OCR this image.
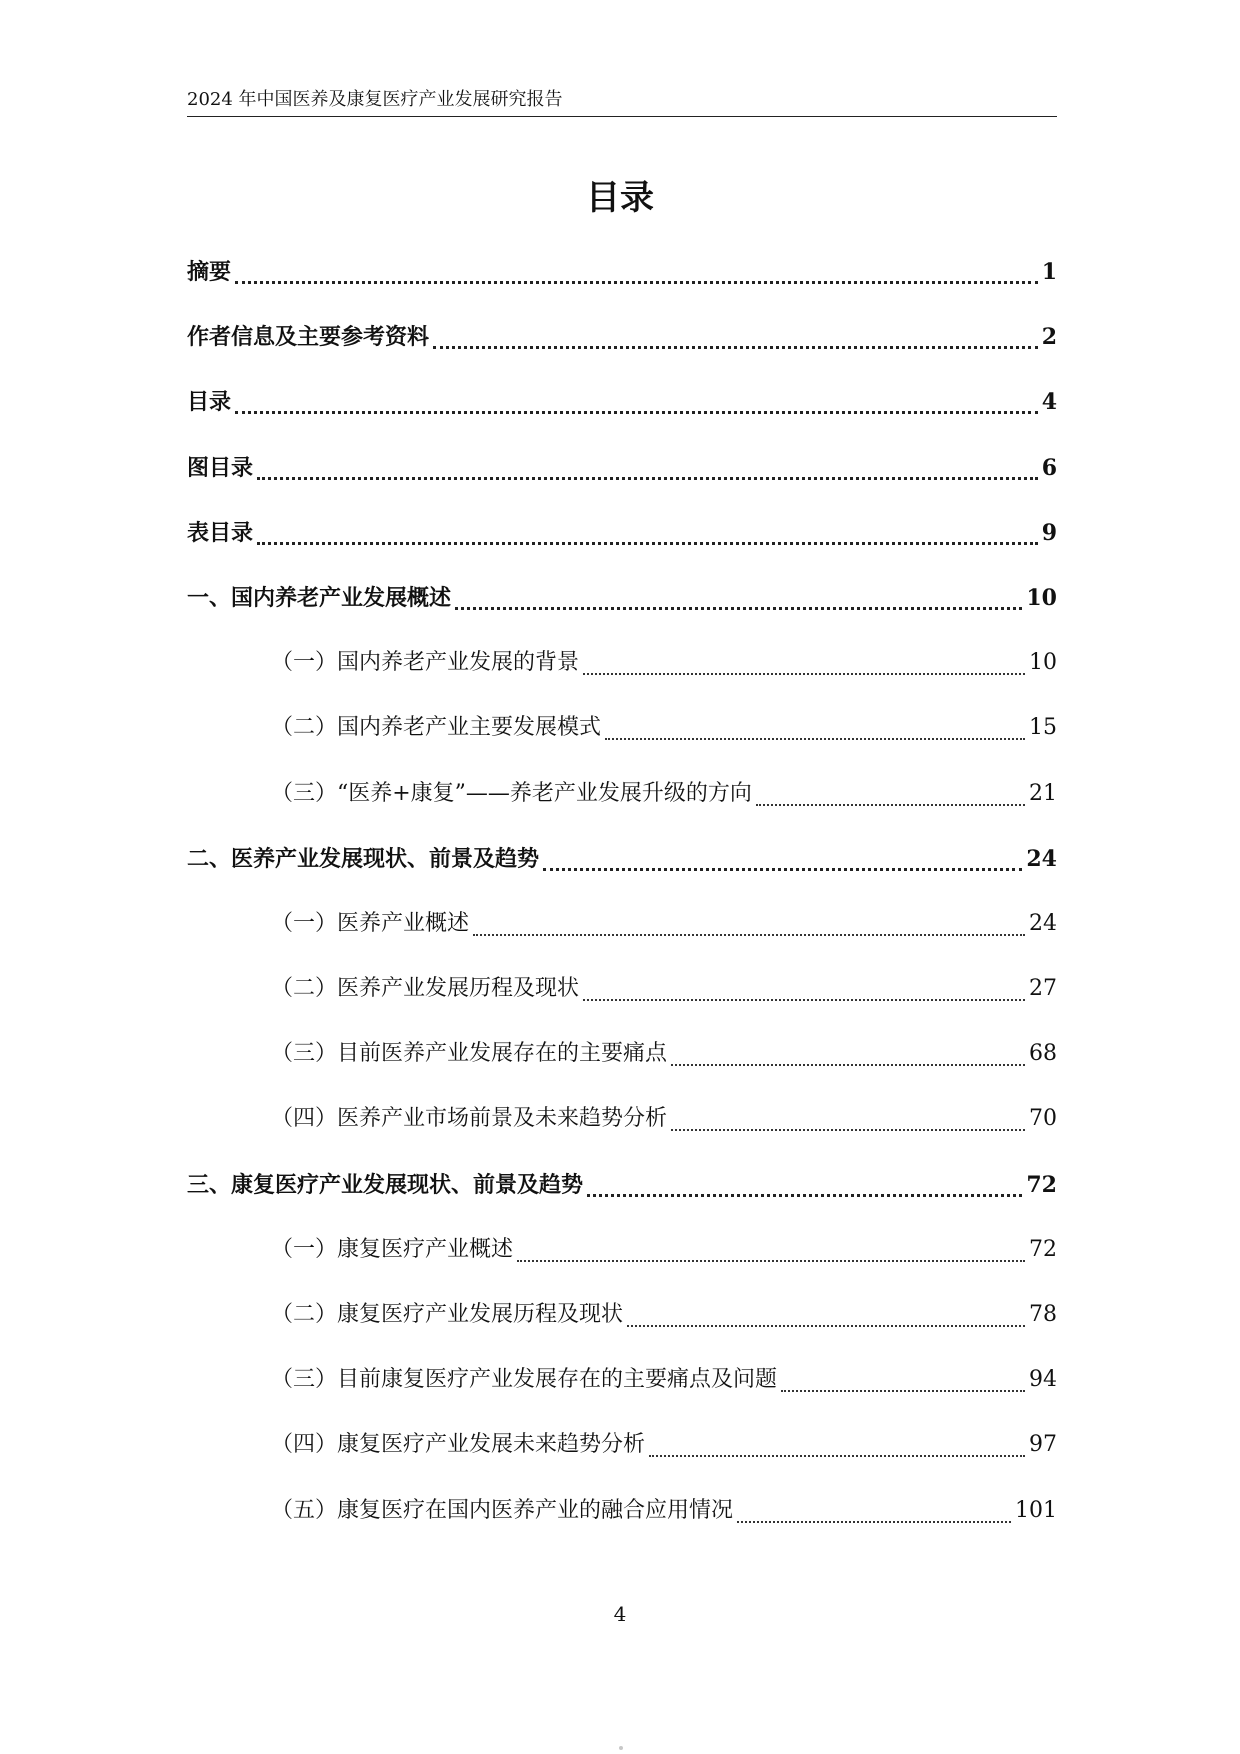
2024 年中国医养及康复医疗产业发展研究报告
目录
摘要	1
作者信息及主要参考资料	2
目录	4
图目录	6
表目录	9
一、国内养老产业发展概述	10
（一）国内养老产业发展的背景	10
（二）国内养老产业主要发展模式	15
（三）“医养+康复”——养老产业发展升级的方向	21
二、医养产业发展现状、前景及趋势	24
（一）医养产业概述	24
（二）医养产业发展历程及现状	27
（三）目前医养产业发展存在的主要痛点	68
（四）医养产业市场前景及未来趋势分析	70
三、康复医疗产业发展现状、前景及趋势	72
（一）康复医疗产业概述	72
（二）康复医疗产业发展历程及现状	78
（三）目前康复医疗产业发展存在的主要痛点及问题	94
（四）康复医疗产业发展未来趋势分析	97
（五）康复医疗在国内医养产业的融合应用情况	101
4
